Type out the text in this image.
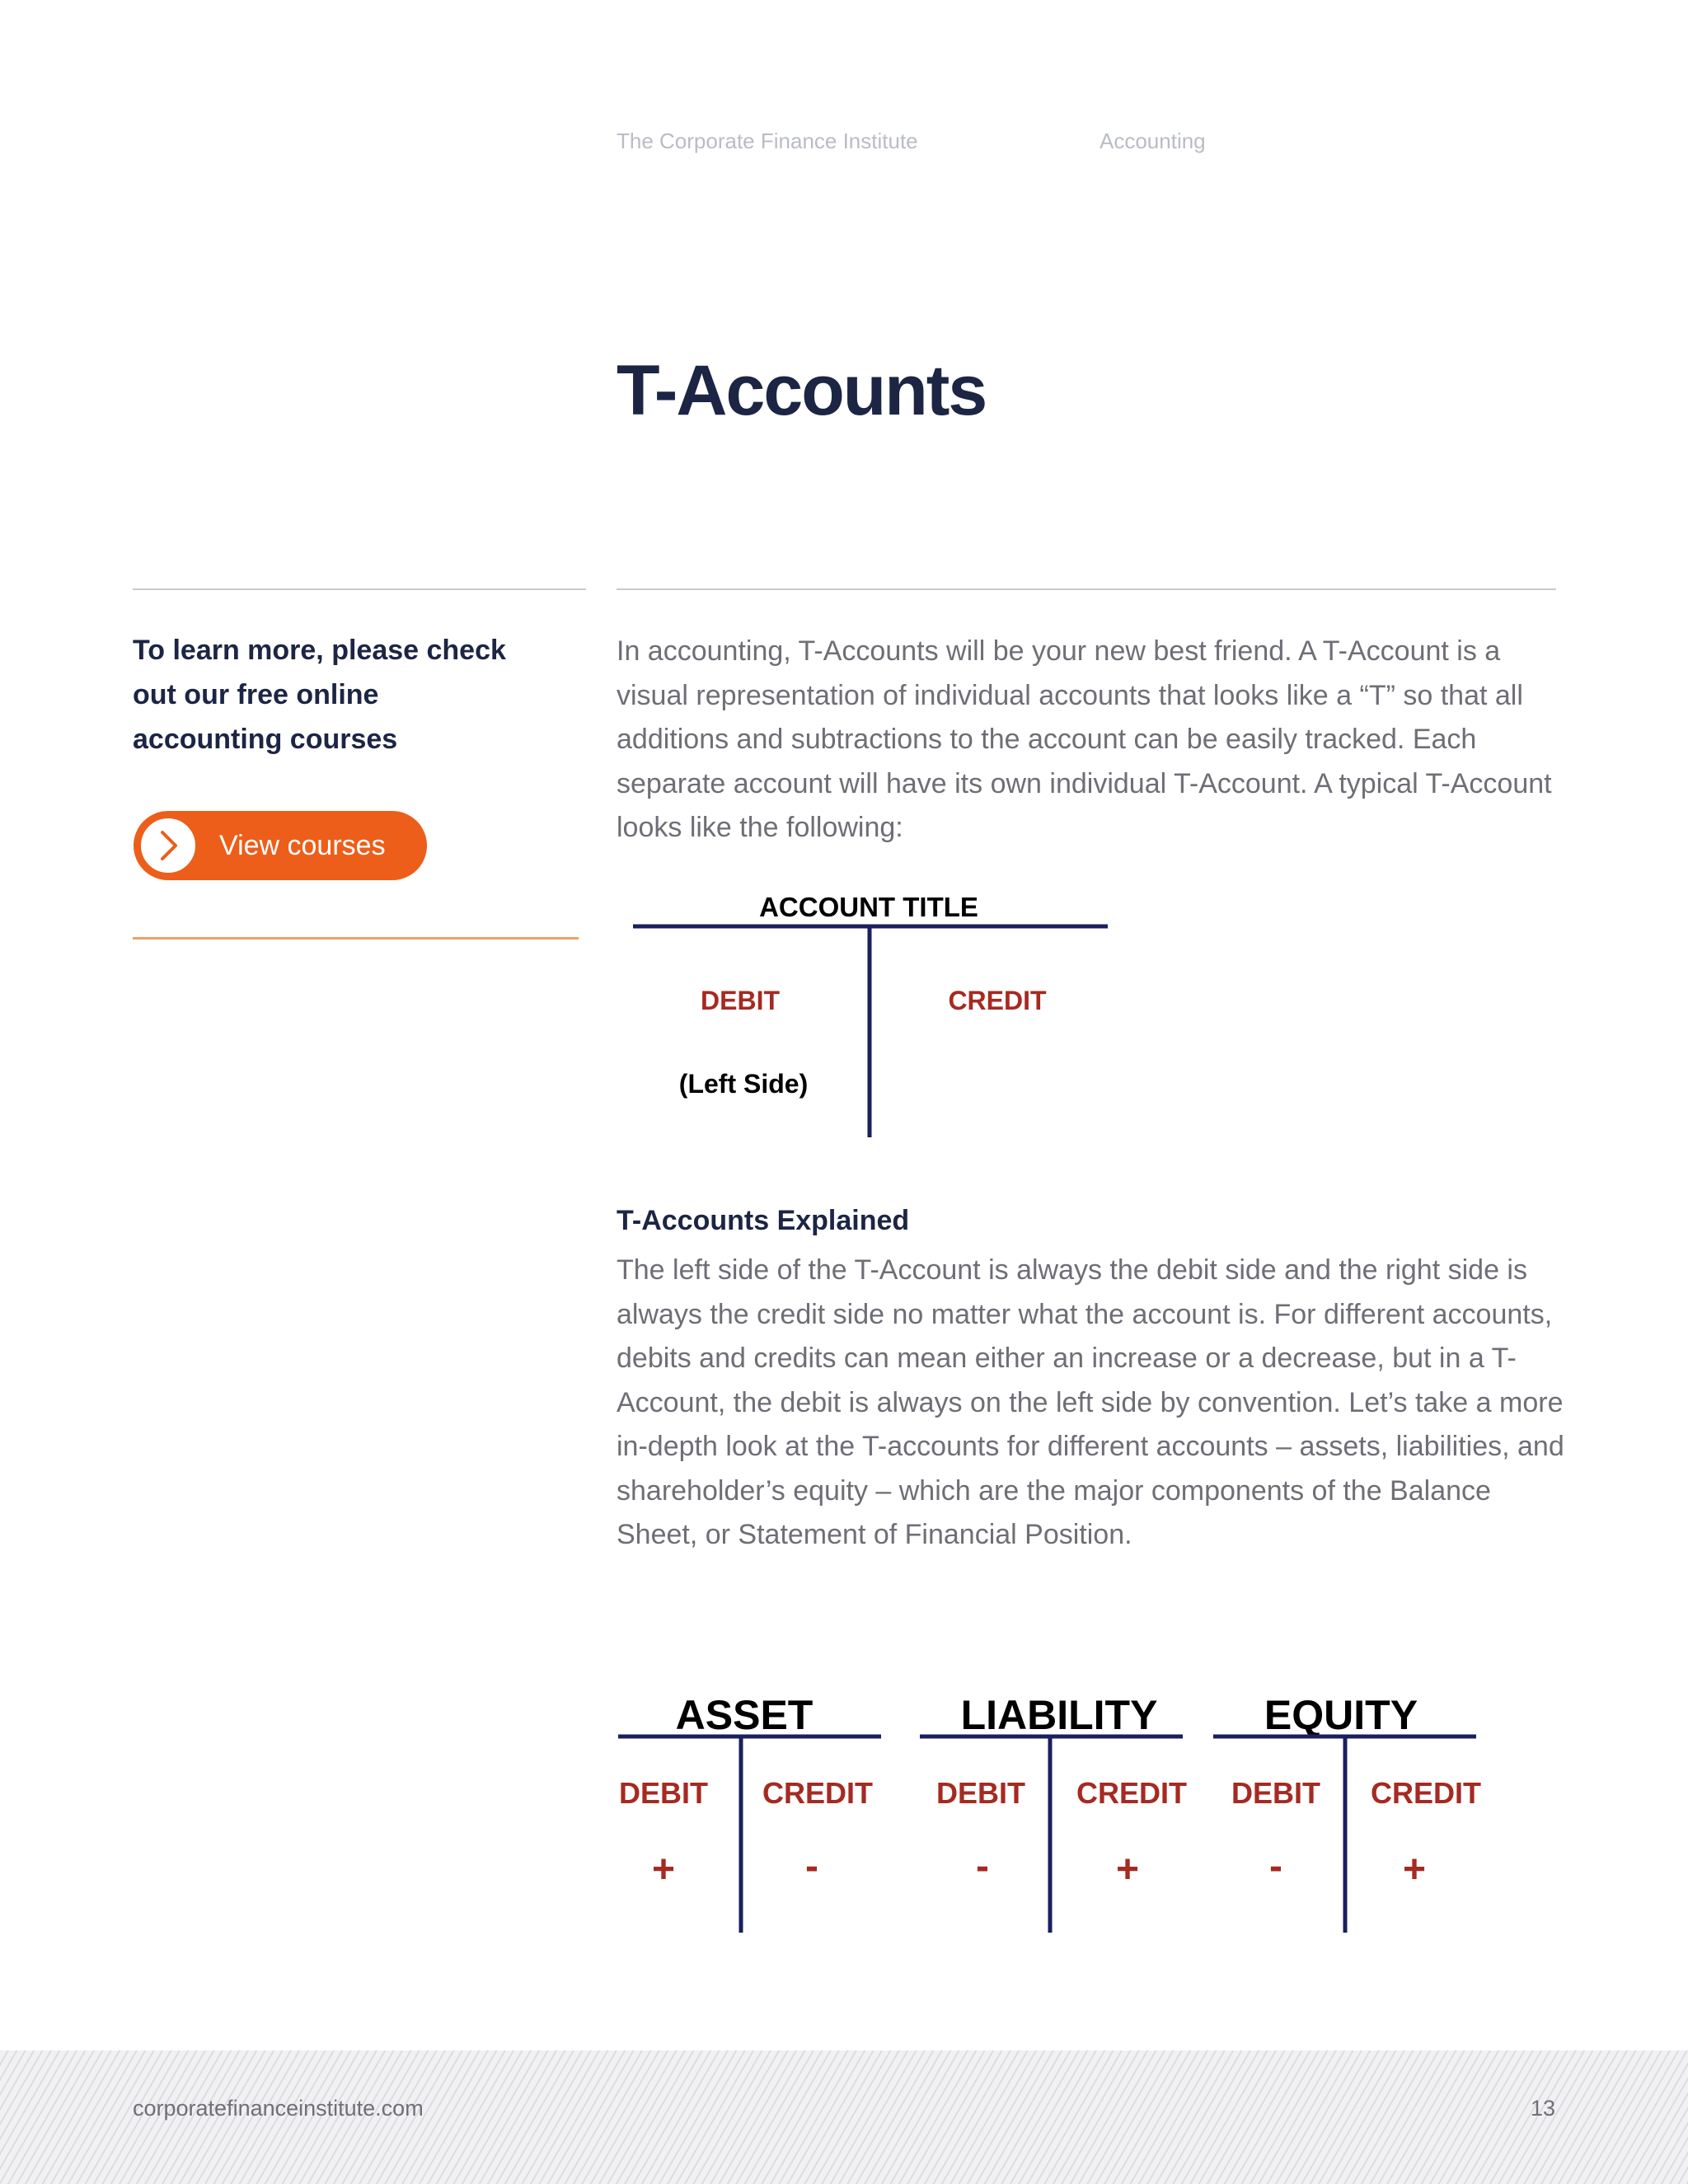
The Corporate Finance Institute	Accounting
T-Accounts
To learn more, please check out our free online accounting courses
View courses

In accounting, T-Accounts will be your new best friend. A T-Account is a visual representation of individual accounts that looks like a “T” so that all additions and subtractions to the account can be easily tracked. Each separate account will have its own individual T-Account. A typical T-Account looks like the following:

ACCOUNT TITLE
DEBIT	CREDIT
(Left Side)
T-Accounts Explained

The left side of the T-Account is always the debit side and the right side is always the credit side no matter what the account is. For different accounts, debits and credits can mean either an increase or a decrease, but in a T-Account, the debit is always on the left side by convention. Let’s take a more in-depth look at the T-accounts for different accounts – assets, liabilities, and shareholder’s equity – which are the major components of the Balance Sheet, or Statement of Financial Position.

ASSET
DEBIT CREDIT
+	-
LIABILITY
DEBIT CREDIT
-	+
EQUITY
DEBIT CREDIT
-	+
corporatefinanceinstitute.com	13
